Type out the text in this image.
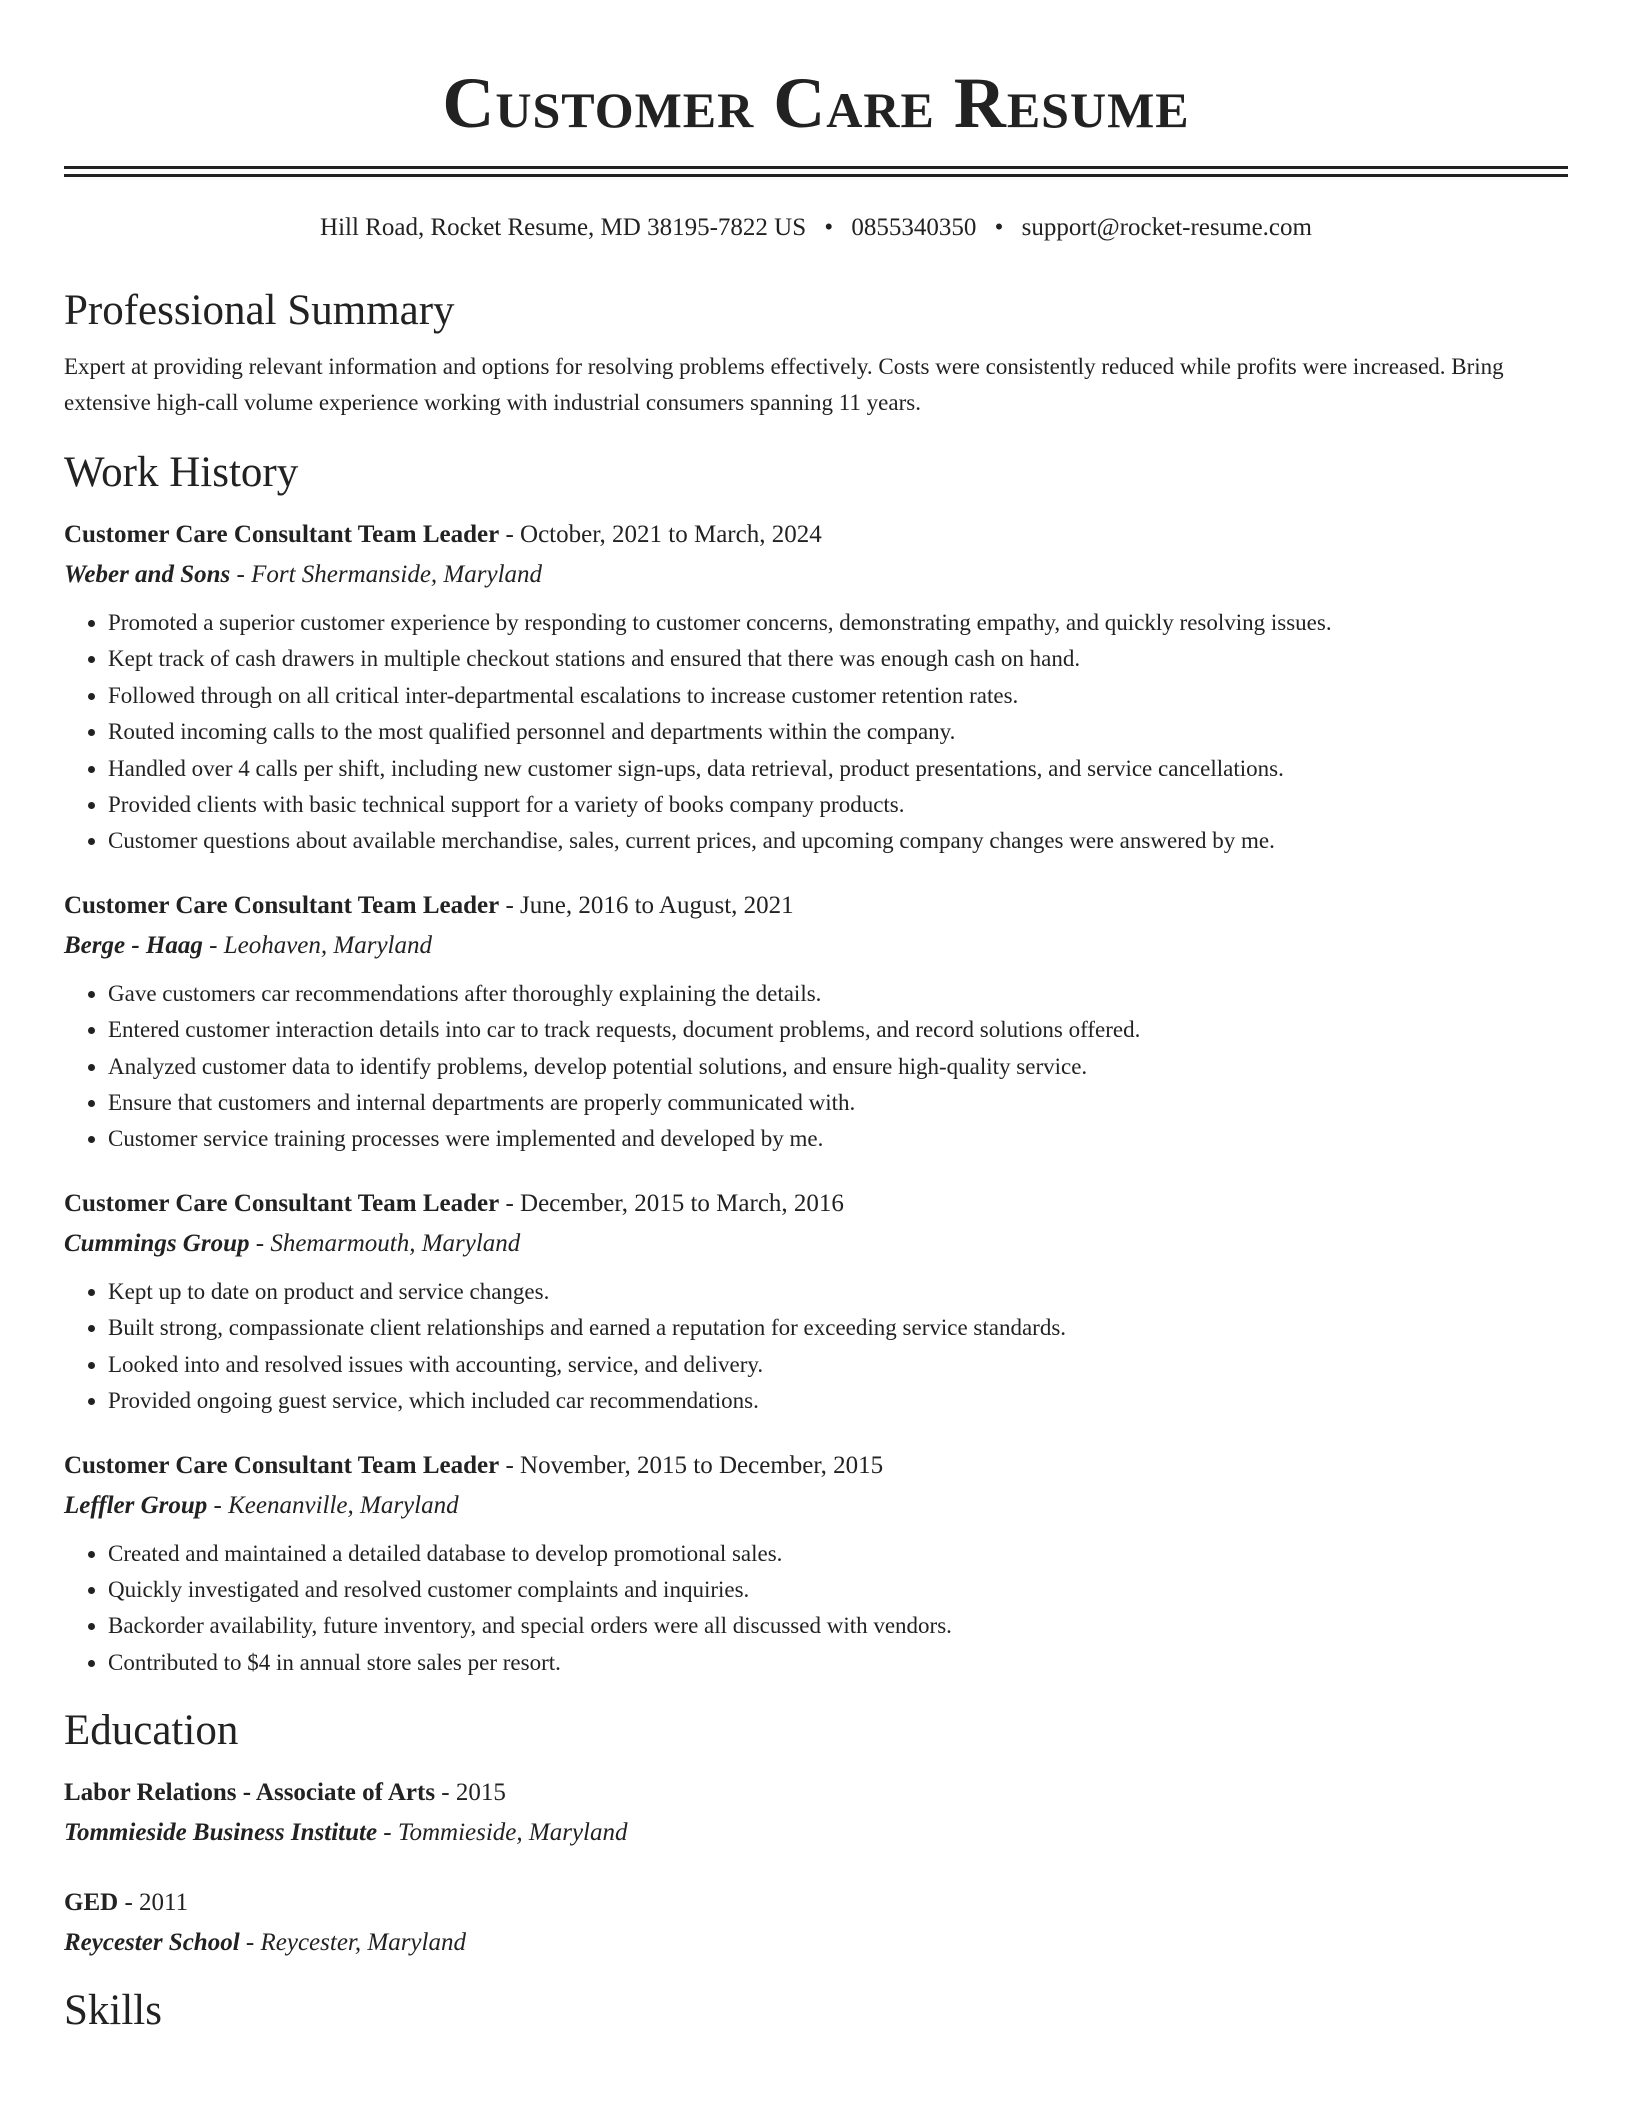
Customer Care Resume
Hill Road, Rocket Resume, MD 38195-7822 US • 0855340350 • support@rocket-resume.com
Professional Summary

Expert at providing relevant information and options for resolving problems effectively. Costs were consistently reduced while profits were increased. Bring extensive high-call volume experience working with industrial consumers spanning 11 years.

Work History
Customer Care Consultant Team Leader - October, 2021 to March, 2024
Weber and Sons - Fort Shermanside, Maryland
• Promoted a superior customer experience by responding to customer concerns, demonstrating empathy, and quickly resolving issues.
• Kept track of cash drawers in multiple checkout stations and ensured that there was enough cash on hand.
• Followed through on all critical inter-departmental escalations to increase customer retention rates.
• Routed incoming calls to the most qualified personnel and departments within the company.
• Handled over 4 calls per shift, including new customer sign-ups, data retrieval, product presentations, and service cancellations.
• Provided clients with basic technical support for a variety of books company products.
• Customer questions about available merchandise, sales, current prices, and upcoming company changes were answered by me.
Customer Care Consultant Team Leader - June, 2016 to August, 2021
Berge - Haag - Leohaven, Maryland
• Gave customers car recommendations after thoroughly explaining the details.
• Entered customer interaction details into car to track requests, document problems, and record solutions offered.
• Analyzed customer data to identify problems, develop potential solutions, and ensure high-quality service.
• Ensure that customers and internal departments are properly communicated with.
• Customer service training processes were implemented and developed by me.
Customer Care Consultant Team Leader - December, 2015 to March, 2016
Cummings Group - Shemarmouth, Maryland
• Kept up to date on product and service changes.
• Built strong, compassionate client relationships and earned a reputation for exceeding service standards.
• Looked into and resolved issues with accounting, service, and delivery.
• Provided ongoing guest service, which included car recommendations.
Customer Care Consultant Team Leader - November, 2015 to December, 2015
Leffler Group - Keenanville, Maryland
• Created and maintained a detailed database to develop promotional sales.
• Quickly investigated and resolved customer complaints and inquiries.
• Backorder availability, future inventory, and special orders were all discussed with vendors.
• Contributed to $4 in annual store sales per resort.
Education
Labor Relations - Associate of Arts - 2015
Tommieside Business Institute - Tommieside, Maryland
GED - 2011
Reycester School - Reycester, Maryland
Skills
